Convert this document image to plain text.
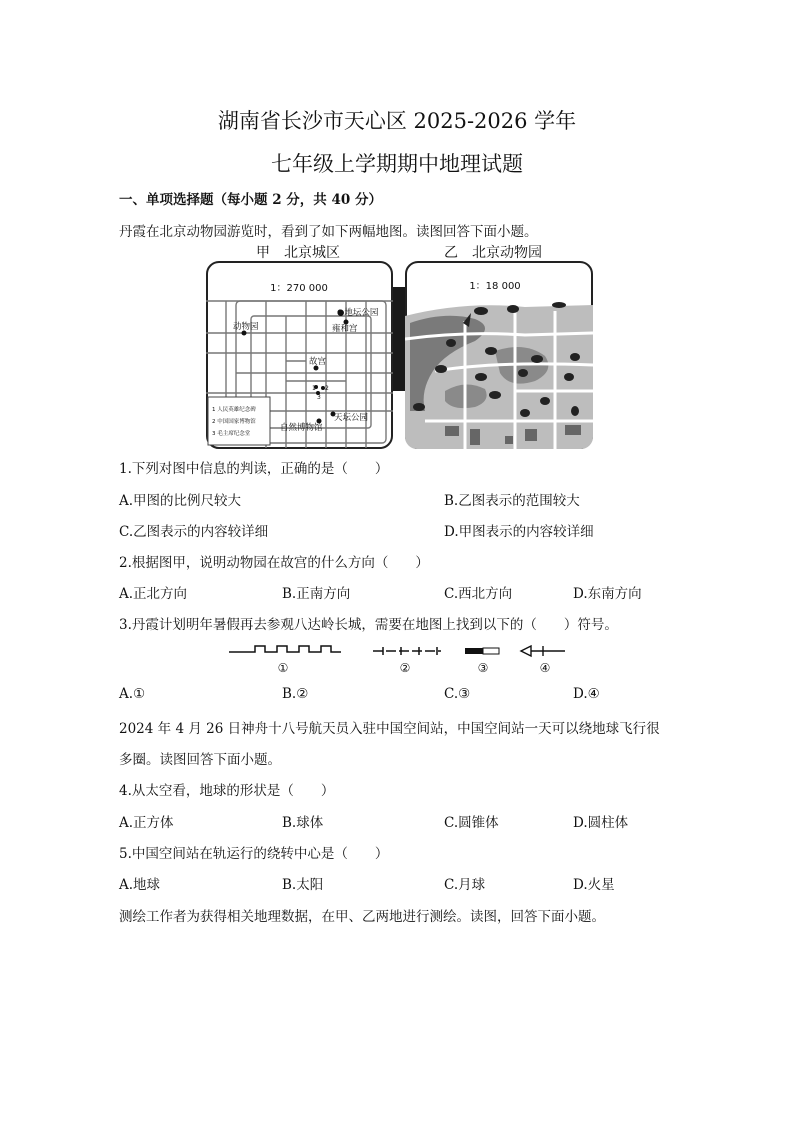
湖南省长沙市天心区 2025-2026 学年
七年级上学期期中地理试题
一、单项选择题（每小题 2 分，共 40 分）
丹霞在北京动物园游览时，看到了如下两幅地图。读图回答下面小题。
甲　北京城区	乙　北京动物园
1：270 000
●地坛公园
雍和宫
动物园
故宫
1 2
3
天坛公园
自然博物馆
1 人民英雄纪念碑
2 中国国家博物馆
3 毛主席纪念堂
1：18 000
1.下列对图中信息的判读，正确的是（　　）
A.甲图的比例尺较大	B.乙图表示的范围较大
C.乙图表示的内容较详细	D.甲图表示的内容较详细
2.根据图甲，说明动物园在故宫的什么方向（　　）
A.正北方向	B.正南方向	C.西北方向	D.东南方向
3.丹霞计划明年暑假再去参观八达岭长城，需要在地图上找到以下的（　　）符号。
①	②	③	④
A.①	B.②	C.③	D.④
2024 年 4 月 26 日神舟十八号航天员入驻中国空间站，中国空间站一天可以绕地球飞行很
多圈。读图回答下面小题。
4.从太空看，地球的形状是（　　）
A.正方体	B.球体	C.圆锥体	D.圆柱体
5.中国空间站在轨运行的绕转中心是（　　）
A.地球	B.太阳	C.月球	D.火星
测绘工作者为获得相关地理数据，在甲、乙两地进行测绘。读图，回答下面小题。
